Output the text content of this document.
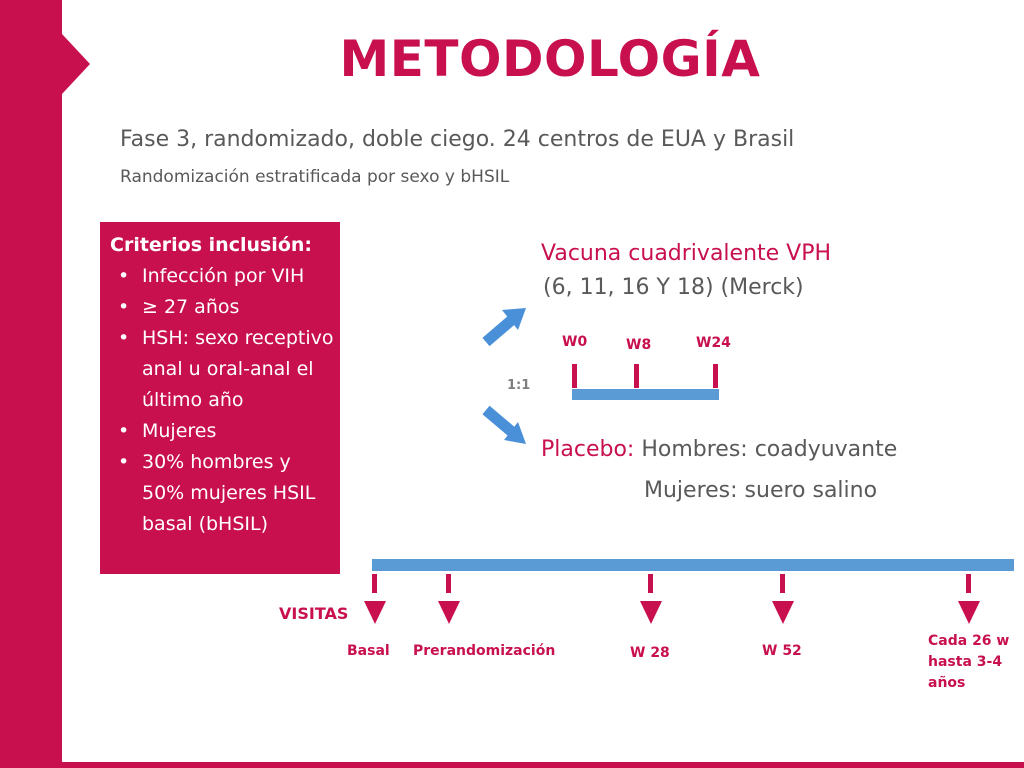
METODOLOGÍA
Fase 3, randomizado, doble ciego. 24 centros de EUA y Brasil
Randomización estratificada por sexo y bHSIL
Criterios inclusión:
• Infección por VIH
• ≥ 27 años
• HSH: sexo receptivo anal u oral-anal el último año
• Mujeres
• 30% hombres y 50% mujeres HSIL basal (bHSIL)
Vacuna cuadrivalente VPH
(6, 11, 16 Y 18) (Merck)
W0	W8	W24
1:1
Placebo: Hombres: coadyuvante
Mujeres: suero salino
VISITAS
Basal Prerandomización	W 28	W 52
Cada 26 w hasta 3-4 años
